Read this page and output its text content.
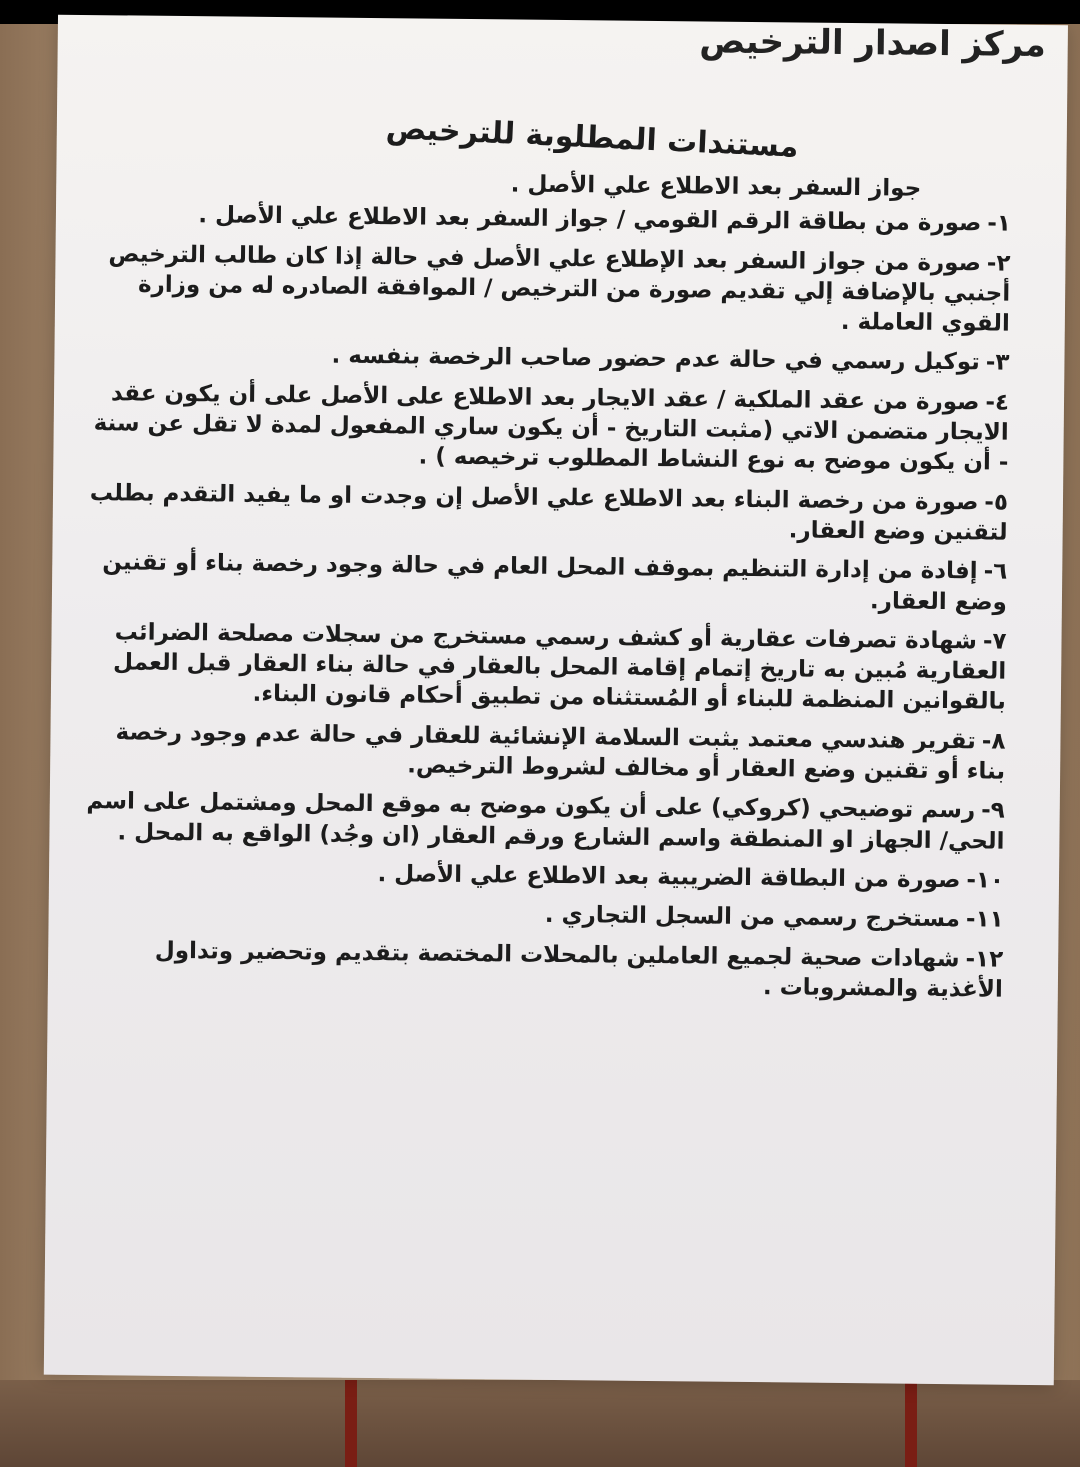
مركز اصدار الترخيص
مستندات المطلوبة للترخيص
جواز السفر بعد الاطلاع علي الأصل .
١-صورة من بطاقة الرقم القومي / جواز السفر بعد الاطلاع علي الأصل .
٢-صورة من جواز السفر بعد الإطلاع علي الأصل في حالة إذا كان طالب الترخيص أجنبي بالإضافة إلي تقديم صورة من الترخيص / الموافقة الصادره له من وزارة القوي العاملة .
٣-توكيل رسمي في حالة عدم حضور صاحب الرخصة بنفسه .
٤-صورة من عقد الملكية / عقد الايجار بعد الاطلاع على الأصل على أن يكون عقد الايجار متضمن الاتي (مثبت التاريخ - أن يكون ساري المفعول لمدة لا تقل عن سنة - أن يكون موضح به نوع النشاط المطلوب ترخيصه ) .
٥-صورة من رخصة البناء بعد الاطلاع علي الأصل إن وجدت او ما يفيد التقدم بطلب لتقنين وضع العقار.
٦-إفادة من إدارة التنظيم بموقف المحل العام في حالة وجود رخصة بناء أو تقنين وضع العقار.
٧-شهادة تصرفات عقارية أو كشف رسمي مستخرج من سجلات مصلحة الضرائب العقارية مُبين به تاريخ إتمام إقامة المحل بالعقار في حالة بناء العقار قبل العمل بالقوانين المنظمة للبناء أو المُستثناه من تطبيق أحكام قانون البناء.
٨-تقرير هندسي معتمد يثبت السلامة الإنشائية للعقار في حالة عدم وجود رخصة بناء أو تقنين وضع العقار أو مخالف لشروط الترخيص.
٩-رسم توضيحي (كروكي) على أن يكون موضح به موقع المحل ومشتمل على اسم الحي/ الجهاز او المنطقة واسم الشارع ورقم العقار (ان وجُد) الواقع به المحل .
١٠-صورة من البطاقة الضريبية بعد الاطلاع علي الأصل .
١١-مستخرج رسمي من السجل التجاري .
١٢-شهادات صحية لجميع العاملين بالمحلات المختصة بتقديم وتحضير وتداول الأغذية والمشروبات .
